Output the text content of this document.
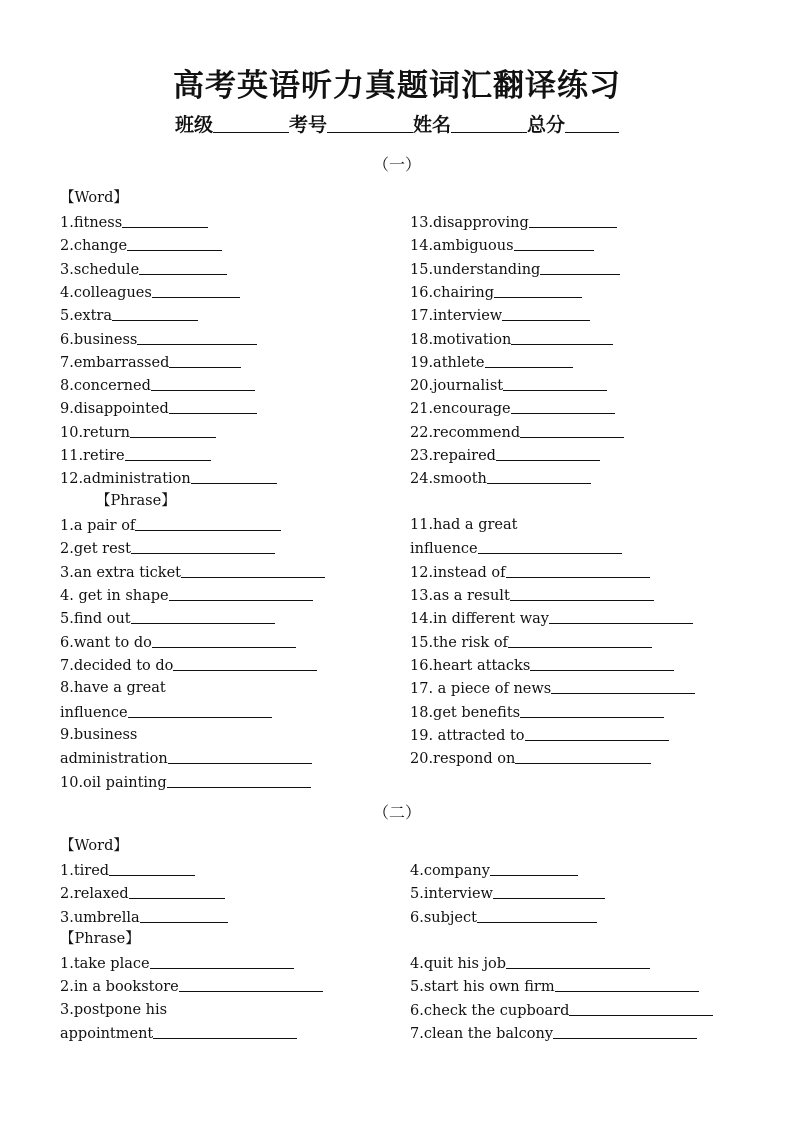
高考英语听力真题词汇翻译练习
班级	考号	姓名	总分
（一）
【Word】
【Phrase】
（二）
【Word】
【Phrase】
1.fitness
2.change
3.schedule
4.colleagues
5.extra
6.business
7.embarrassed
8.concerned
9.disappointed
10.return
11.retire
12.administration
13.disapproving
14.ambiguous
15.understanding
16.chairing
17.interview
18.motivation
19.athlete
20.journalist
21.encourage
22.recommend
23.repaired
24.smooth
1.a pair of
2.get rest
3.an extra ticket
4. get in shape
5.find out
6.want to do
7.decided to do
8.have a great
influence
9.business
administration
10.oil painting
11.had a great
influence
12.instead of
13.as a result
14.in different way
15.the risk of
16.heart attacks
17. a piece of news
18.get benefits
19. attracted to
20.respond on
1.tired
2.relaxed
3.umbrella
4.company
5.interview
6.subject
1.take place
2.in a bookstore
3.postpone his
appointment
4.quit his job
5.start his own firm
6.check the cupboard
7.clean the balcony
